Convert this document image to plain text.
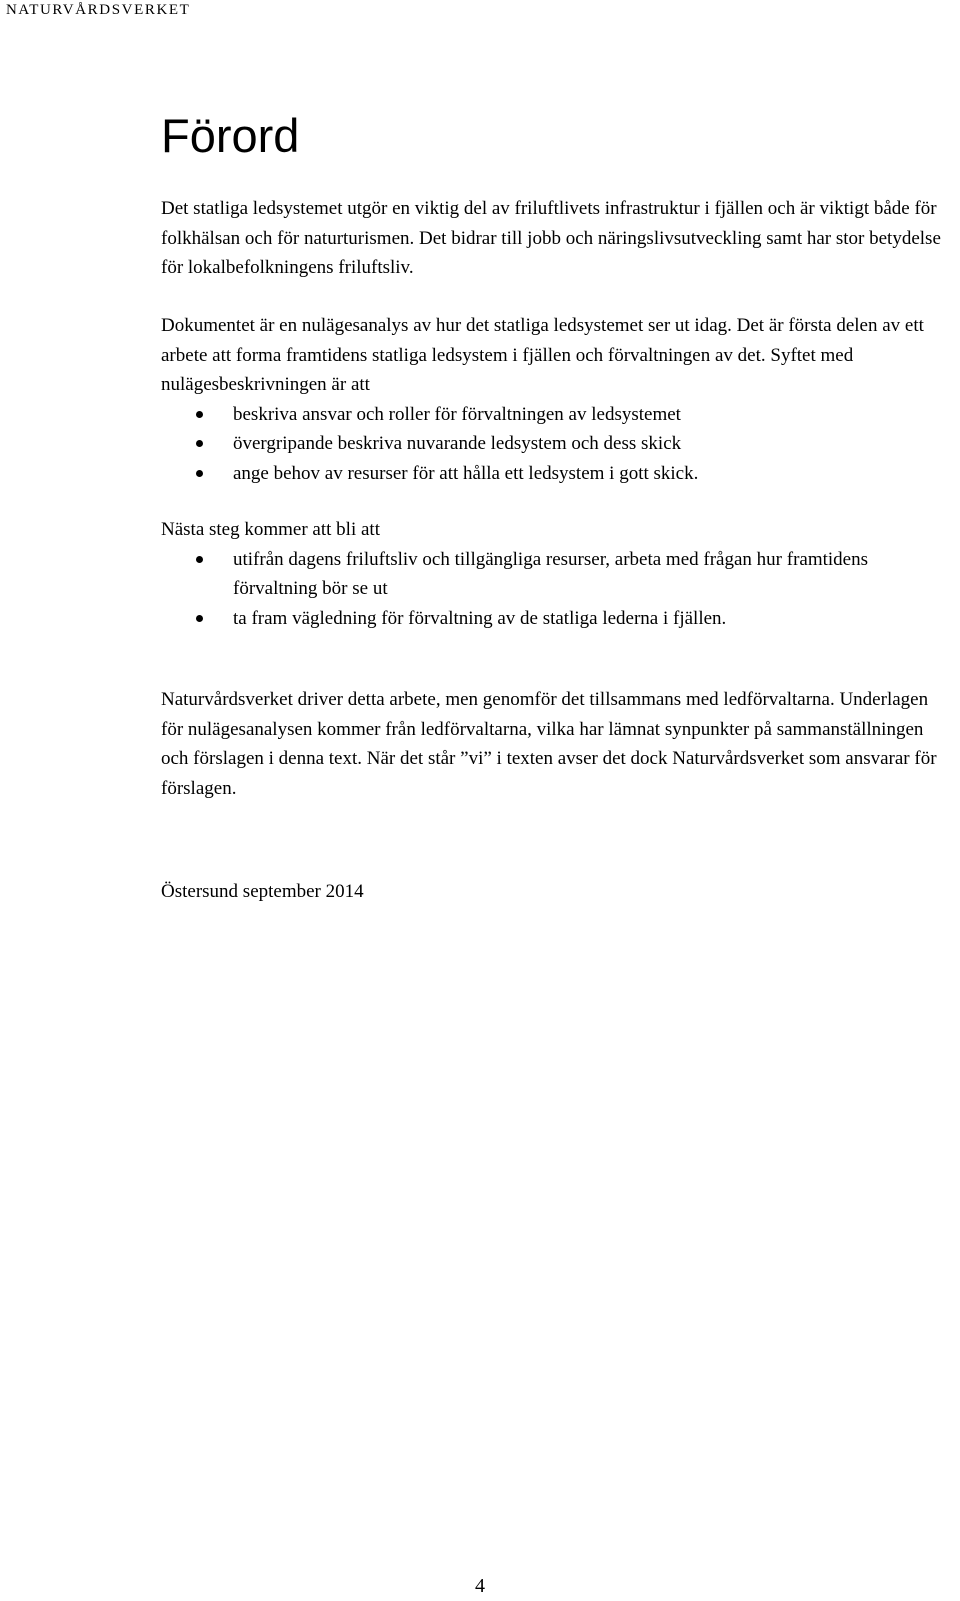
NATURVÅRDSVERKET
Förord

Det statliga ledsystemet utgör en viktig del av friluftlivets infrastruktur i fjällen och är viktigt både för folkhälsan och för naturturismen. Det bidrar till jobb och näringslivsutveckling samt har stor betydelse för lokalbefolkningens friluftsliv.

Dokumentet är en nulägesanalys av hur det statliga ledsystemet ser ut idag. Det är första delen av ett arbete att forma framtidens statliga ledsystem i fjällen och förvaltningen av det. Syftet med nulägesbeskrivningen är att

beskriva ansvar och roller för förvaltningen av ledsystemet
övergripande beskriva nuvarande ledsystem och dess skick
ange behov av resurser för att hålla ett ledsystem i gott skick.

Nästa steg kommer att bli att

utifrån dagens friluftsliv och tillgängliga resurser, arbeta med frågan hur framtidens förvaltning bör se ut
ta fram vägledning för förvaltning av de statliga lederna i fjällen.

Naturvårdsverket driver detta arbete, men genomför det tillsammans med ledförvaltarna. Underlagen för nulägesanalysen kommer från ledförvaltarna, vilka har lämnat synpunkter på sammanställningen och förslagen i denna text. När det står ”vi” i texten avser det dock Naturvårdsverket som ansvarar för förslagen.

Östersund september 2014

4
